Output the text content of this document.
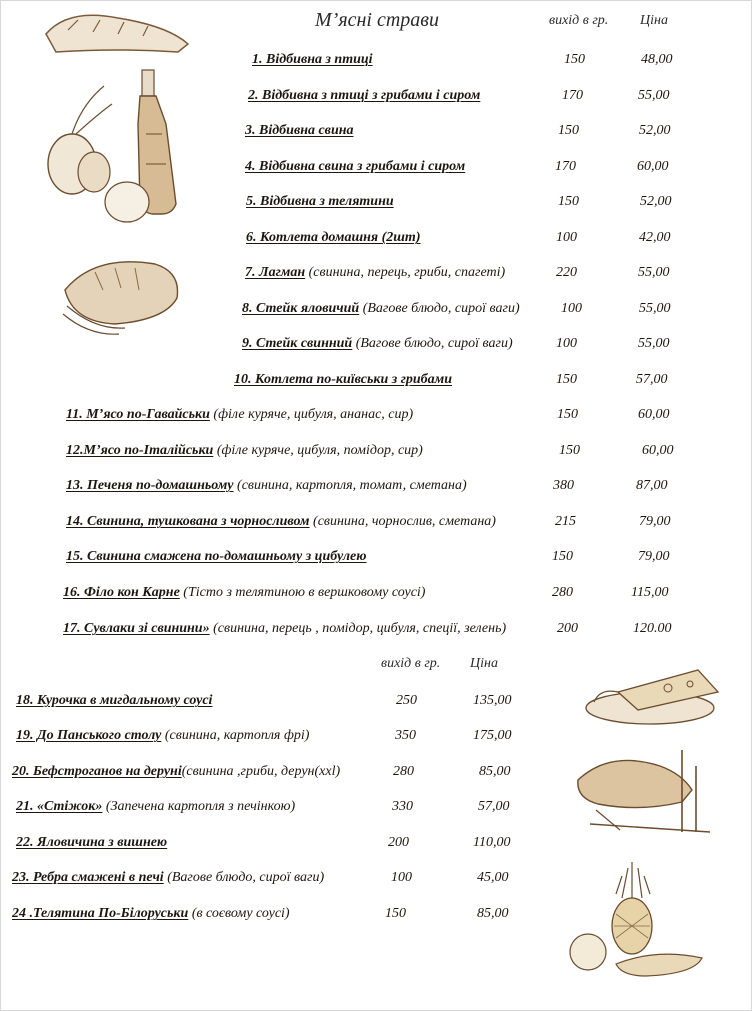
М’ясні страви	вихід в гр. Ціна
вихід в гр. Ціна
1. Відбивна з птиці	150	48,00
2. Відбивна з птиці з грибами і сиром	170	55,00
3. Відбивна свина	150	52,00
4. Відбивна свина з грибами і сиром	170	60,00
5. Відбивна з телятини	150	52,00
6. Котлета домашня (2шт)	100	42,00
7. Лагман (свинина, перець, гриби, спагеті)	220	55,00
8. Стейк яловичий (Вагове блюдо, сирої ваги)	100	55,00
9. Стейк свинний (Вагове блюдо, сирої ваги)	100	55,00
10. Котлета по-київськи з грибами	150	57,00
11. М’ясо по-Гавайськи (філе куряче, цибуля, ананас, сир)	150	60,00
12.М’ясо по-Італійськи (філе куряче, цибуля, помідор, сир)	150	60,00
13. Печеня по-домашньому (свинина, картопля, томат, сметана)	380	87,00
14. Свинина, тушкована з чорносливом (свинина, чорнослив, сметана)	215	79,00
15. Свинина смажена по-домашньому з цибулею	150	79,00
16. Філо кон Карне (Тісто з телятиною в вершковому соусі)	280	115,00
17. Сувлаки зі свинини» (свинина, перець , помідор, цибуля, спеції, зелень)	200	120.00
18. Курочка в мигдальному соусі	250	135,00
19. До Панського столу (свинина, картопля фрі)	350	175,00
20. Бефстроганов на деруні(свинина ,гриби, дерун(ххl)	280	85,00
21. «Стіжок» (Запечена картопля з печінкою)	330	57,00
22. Яловичина з вишнею	200	110,00
23. Ребра смажені в печі (Вагове блюдо, сирої ваги)	100	45,00
24 .Телятина По-Білоруськи (в соєвому соусі)	150	85,00
